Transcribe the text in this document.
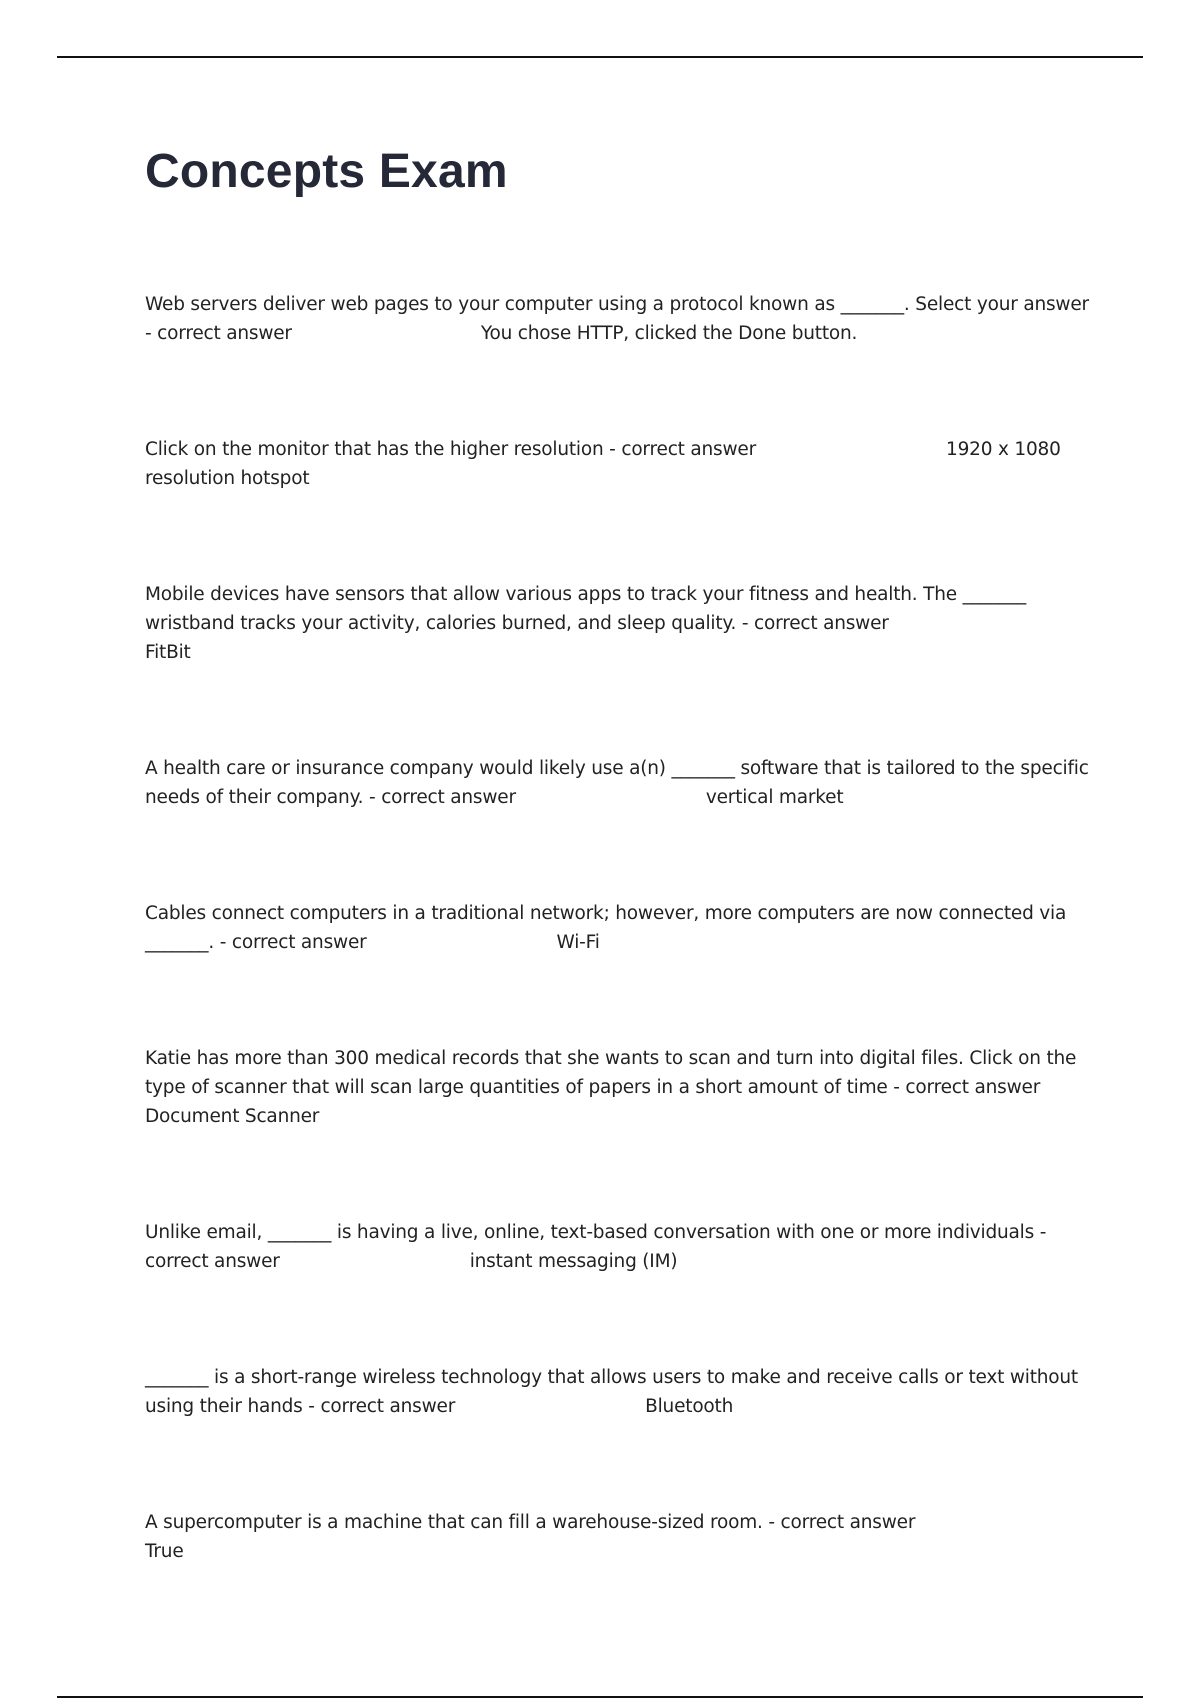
Concepts Exam
Web servers deliver web pages to your computer using a protocol known as _______. Select your answer
- correct answer	You chose HTTP, clicked the Done button.
Click on the monitor that has the higher resolution - correct answer	1920 x 1080
resolution hotspot
Mobile devices have sensors that allow various apps to track your fitness and health. The _______
wristband tracks your activity, calories burned, and sleep quality. - correct answer
FitBit
A health care or insurance company would likely use a(n) _______ software that is tailored to the specific
needs of their company. - correct answer	vertical market
Cables connect computers in a traditional network; however, more computers are now connected via
_______. - correct answer	Wi-Fi
Katie has more than 300 medical records that she wants to scan and turn into digital files. Click on the
type of scanner that will scan large quantities of papers in a short amount of time - correct answer
Document Scanner
Unlike email, _______ is having a live, online, text-based conversation with one or more individuals -
correct answer	instant messaging (IM)
_______ is a short-range wireless technology that allows users to make and receive calls or text without
using their hands - correct answer	Bluetooth
A supercomputer is a machine that can fill a warehouse-sized room. - correct answer
True
